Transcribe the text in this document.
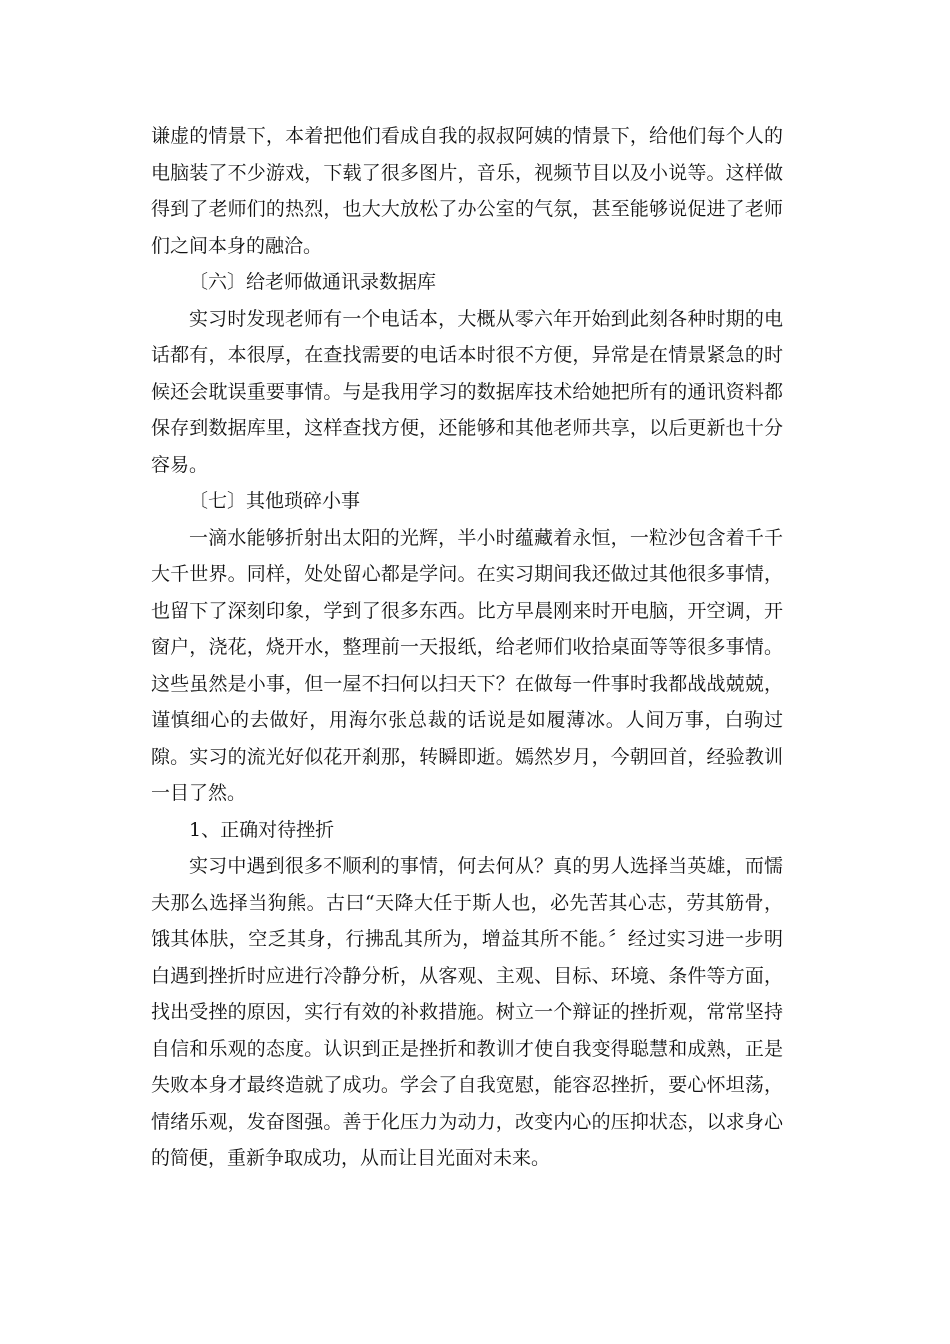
谦虚的情景下，本着把他们看成自我的叔叔阿姨的情景下，给他们每个人的电脑装了不少游戏，下载了很多图片，音乐，视频节目以及小说等。这样做得到了老师们的热烈，也大大放松了办公室的气氛，甚至能够说促进了老师们之间本身的融洽。

〔六〕给老师做通讯录数据库

实习时发现老师有一个电话本，大概从零六年开始到此刻各种时期的电话都有，本很厚，在查找需要的电话本时很不方便，异常是在情景紧急的时候还会耽误重要事情。与是我用学习的数据库技术给她把所有的通讯资料都保存到数据库里，这样查找方便，还能够和其他老师共享，以后更新也十分容易。

〔七〕其他琐碎小事

一滴水能够折射出太阳的光辉，半小时蕴藏着永恒，一粒沙包含着千千大千世界。同样，处处留心都是学问。在实习期间我还做过其他很多事情，也留下了深刻印象，学到了很多东西。比方早晨刚来时开电脑，开空调，开窗户，浇花，烧开水，整理前一天报纸，给老师们收拾桌面等等很多事情。这些虽然是小事，但一屋不扫何以扫天下？在做每一件事时我都战战兢兢，谨慎细心的去做好，用海尔张总裁的话说是如履薄冰。人间万事，白驹过隙。实习的流光好似花开刹那，转瞬即逝。嫣然岁月，今朝回首，经验教训一目了然。

1、正确对待挫折

实习中遇到很多不顺利的事情，何去何从？真的男人选择当英雄，而懦夫那么选择当狗熊。古曰“天降大任于斯人也，必先苦其心志，劳其筋骨，饿其体肤，空乏其身，行拂乱其所为，增益其所不能。〞经过实习进一步明白遇到挫折时应进行冷静分析，从客观、主观、目标、环境、条件等方面，找出受挫的原因，实行有效的补救措施。树立一个辩证的挫折观，常常坚持自信和乐观的态度。认识到正是挫折和教训才使自我变得聪慧和成熟，正是失败本身才最终造就了成功。学会了自我宽慰，能容忍挫折，要心怀坦荡，情绪乐观，发奋图强。善于化压力为动力，改变内心的压抑状态，以求身心的简便，重新争取成功，从而让目光面对未来。
